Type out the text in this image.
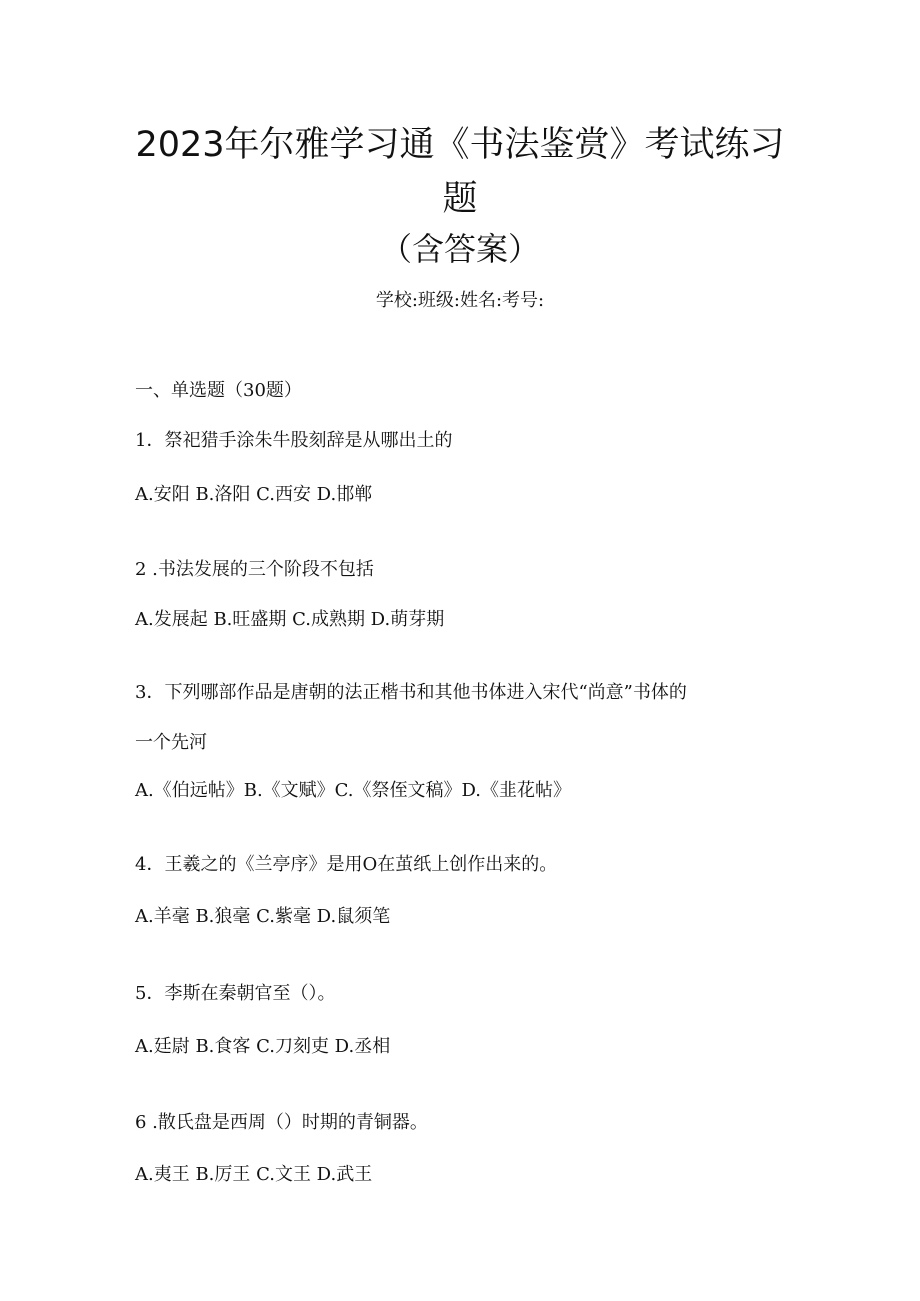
2023年尔雅学习通《书法鉴赏》考试练习
题
（含答案）
学校:班级:姓名:考号:
一、单选题（30题）
1．祭祀猎手涂朱牛股刻辞是从哪出土的
A.安阳 B.洛阳 C.西安 D.邯郸
2 .书法发展的三个阶段不包括
A.发展起 B.旺盛期 C.成熟期 D.萌芽期
3．下列哪部作品是唐朝的法正楷书和其他书体进入宋代“尚意”书体的
一个先河
A.《伯远帖》B.《文赋》C.《祭侄文稿》D.《韭花帖》
4．王羲之的《兰亭序》是用O在茧纸上创作出来的。
A.羊毫 B.狼毫 C.紫毫 D.鼠须笔
5．李斯在秦朝官至（）。
A.廷尉 B.食客 C.刀刻吏 D.丞相
6 .散氏盘是西周（）时期的青铜器。
A.夷王 B.厉王 C.文王 D.武王
